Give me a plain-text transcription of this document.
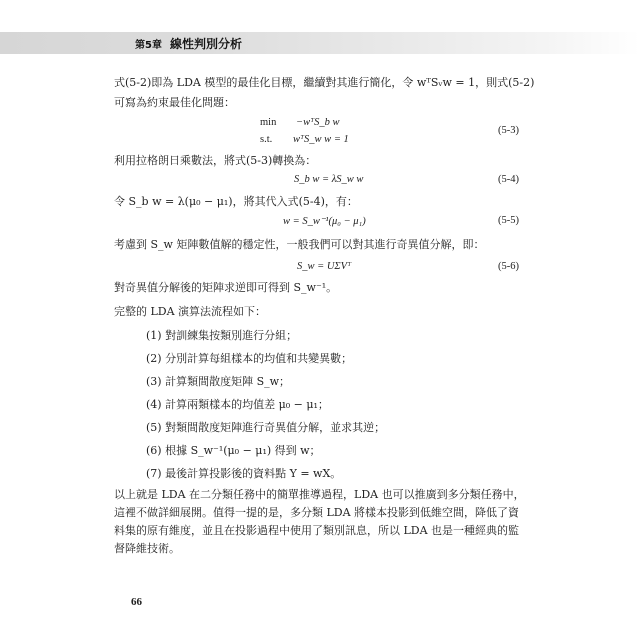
第5章 線性判別分析
式(5-2)即為 LDA 模型的最佳化目標，繼續對其進行簡化，令 wᵀSᵥw = 1，則式(5-2)
可寫為約束最佳化問題：
min −wᵀS_b w
s.t. wᵀS_w w = 1
(5-3)
利用拉格朗日乘數法，將式(5-3)轉換為：
S_b w = λS_w w	(5-4)
令 S_b w = λ(μ₀ − μ₁)，將其代入式(5-4)，有：
w = S_w⁻¹(μ₀ − μ₁)	(5-5)
考慮到 S_w 矩陣數值解的穩定性，一般我們可以對其進行奇異值分解，即：
S_w = UΣVᵀ	(5-6)
對奇異值分解後的矩陣求逆即可得到 S_w⁻¹。
完整的 LDA 演算法流程如下：
(1) 對訓練集按類別進行分組；
(2) 分別計算每組樣本的均值和共變異數；
(3) 計算類間散度矩陣 S_w；
(4) 計算兩類樣本的均值差 μ₀ − μ₁；
(5) 對類間散度矩陣進行奇異值分解，並求其逆；
(6) 根據 S_w⁻¹(μ₀ − μ₁) 得到 w；
(7) 最後計算投影後的資料點 Y = wX。
以上就是 LDA 在二分類任務中的簡單推導過程，LDA 也可以推廣到多分類任務中，
這裡不做詳細展開。值得一提的是，多分類 LDA 將樣本投影到低維空間，降低了資
料集的原有維度，並且在投影過程中使用了類別訊息，所以 LDA 也是一種經典的監
督降維技術。
66
